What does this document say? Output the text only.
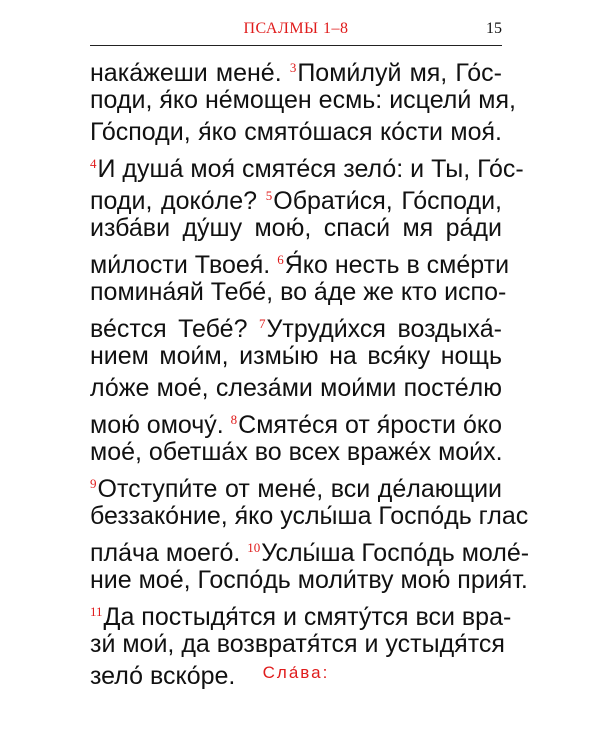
ПСАЛМЫ 1–8	15
нака́жеши мене́. $^3$Поми́луй мя, Го́с-
поди, я́ко не́мощен есмь: исцели́ мя,
Го́споди, я́ко смято́шася ко́сти моя́.
$^4$И душа́ моя́ смяте́ся зело́: и Ты, Го́с-
поди, доко́ле? $^5$Обрати́ся, Го́споди,
изба́ви ду́шу мою́, спаси́ мя ра́ди
ми́лости Твоея́. $^6$Я́ко несть в сме́рти
помина́яй Тебе́, во а́де же кто испо-
ве́стся Тебе́? $^7$Утруди́хся воздыха́-
нием мои́м, измы́ю на вся́ку нощь
ло́же мое́, слеза́ми мои́ми посте́лю
мою́ омочу́. $^8$Смяте́ся от я́рости о́ко
мое́, обетша́х во всех враже́х мои́х.
$^9$Отступи́те от мене́, вси де́лающии
беззако́ние, я́ко услы́ша Госпо́дь глас
пла́ча моего́. $^{10}$Услы́ша Госпо́дь моле́-
ние мое́, Госпо́дь моли́тву мою́ прия́т.
$^{11}$Да постыдя́тся и смяту́тся вси вра-
зи́ мои́, да возвратя́тся и устыдя́тся
зело́ вско́ре.	Сла́ва:
